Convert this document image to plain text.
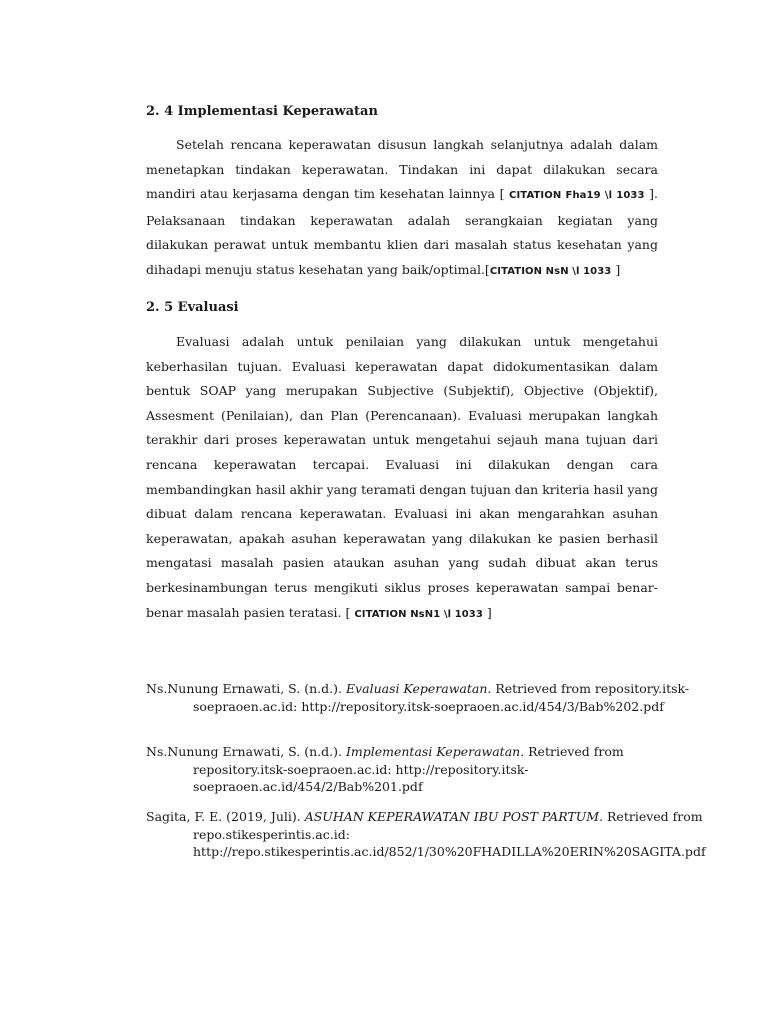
2. 4 Implementasi Keperawatan

Setelah rencana keperawatan disusun langkah selanjutnya adalah dalam menetapkan tindakan keperawatan. Tindakan ini dapat dilakukan secara mandiri atau kerjasama dengan tim kesehatan lainnya [ CITATION Fha19 \l 1033 ]. Pelaksanaan tindakan keperawatan adalah serangkaian kegiatan yang dilakukan perawat untuk membantu klien dari masalah status kesehatan yang dihadapi menuju status kesehatan yang baik/optimal.[CITATION NsN \l 1033 ]

2. 5 Evaluasi

Evaluasi adalah untuk penilaian yang dilakukan untuk mengetahui keberhasilan tujuan. Evaluasi keperawatan dapat didokumentasikan dalam bentuk SOAP yang merupakan Subjective (Subjektif), Objective (Objektif), Assesment (Penilaian), dan Plan (Perencanaan). Evaluasi merupakan langkah terakhir dari proses keperawatan untuk mengetahui sejauh mana tujuan dari rencana keperawatan tercapai. Evaluasi ini dilakukan dengan cara membandingkan hasil akhir yang teramati dengan tujuan dan kriteria hasil yang dibuat dalam rencana keperawatan. Evaluasi ini akan mengarahkan asuhan keperawatan, apakah asuhan keperawatan yang dilakukan ke pasien berhasil mengatasi masalah pasien ataukan asuhan yang sudah dibuat akan terus berkesinambungan terus mengikuti siklus proses keperawatan sampai benar-benar masalah pasien teratasi. [ CITATION NsN1 \l 1033 ]

Ns.Nunung Ernawati, S. (n.d.). Evaluasi Keperawatan. Retrieved from repository.itsk-soepraoen.ac.id: http://repository.itsk-soepraoen.ac.id/454/3/Bab%202.pdf

Ns.Nunung Ernawati, S. (n.d.). Implementasi Keperawatan. Retrieved from repository.itsk-soepraoen.ac.id: http://repository.itsk-soepraoen.ac.id/454/2/Bab%201.pdf

Sagita, F. E. (2019, Juli). ASUHAN KEPERAWATAN IBU POST PARTUM. Retrieved from repo.stikesperintis.ac.id: http://repo.stikesperintis.ac.id/852/1/30%20FHADILLA%20ERIN%20SAGITA.pdf
